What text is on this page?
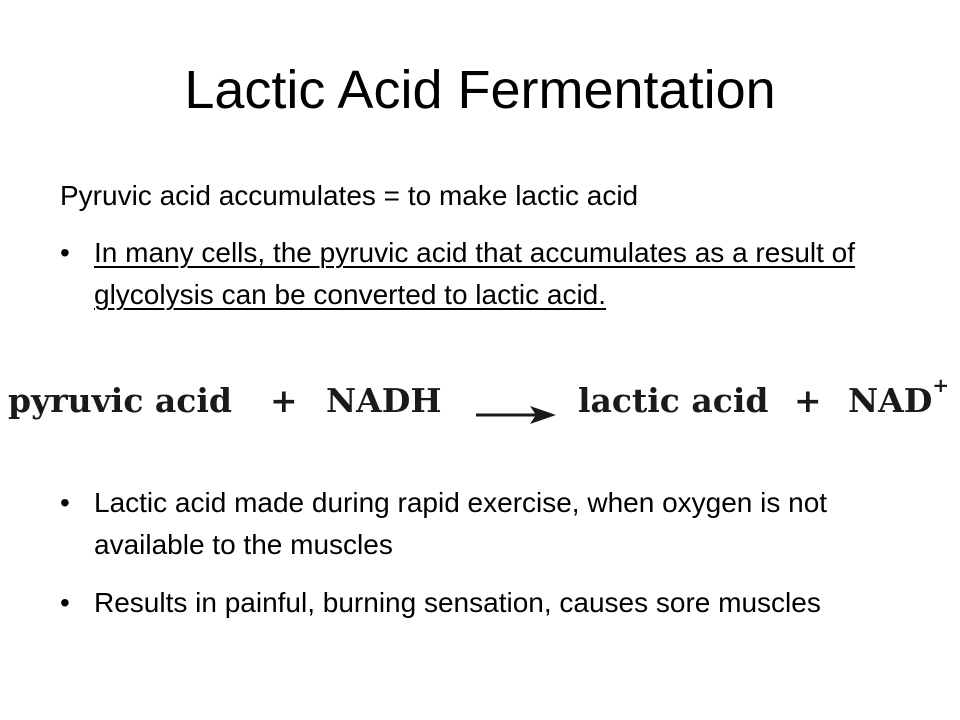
Lactic Acid Fermentation

Pyruvic acid accumulates = to make lactic acid

• In many cells, the pyruvic acid that accumulates as a result of glycolysis can be converted to lactic acid.
pyruvic acid + NADH → lactic acid + NAD+
• Lactic acid made during rapid exercise, when oxygen is not available to the muscles
• Results in painful, burning sensation, causes sore muscles
